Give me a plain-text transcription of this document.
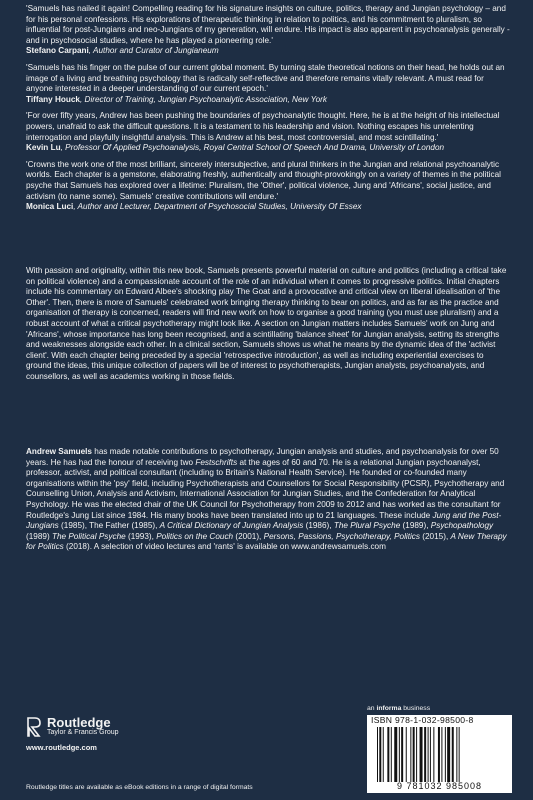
'Samuels has nailed it again! Compelling reading for his signature insights on culture, politics, therapy and Jungian psychology – and for his personal confessions. His explorations of therapeutic thinking in relation to politics, and his commitment to pluralism, so influential for post-Jungians and neo-Jungians of my generation, will endure. His impact is also apparent in psychoanalysis generally - and in psychosocial studies, where he has played a pioneering role.'

Stefano Carpani, Author and Curator of Jungianeum

'Samuels has his finger on the pulse of our current global moment. By turning stale theoretical notions on their head, he holds out an image of a living and breathing psychology that is radically self-reflective and therefore remains vitally relevant. A must read for anyone interested in a deeper understanding of our current epoch.'

Tiffany Houck, Director of Training, Jungian Psychoanalytic Association, New York

'For over fifty years, Andrew has been pushing the boundaries of psychoanalytic thought. Here, he is at the height of his intellectual powers, unafraid to ask the difficult questions. It is a testament to his leadership and vision. Nothing escapes his unrelenting interrogation and playfully insightful analysis. This is Andrew at his best, most controversial, and most scintillating.'

Kevin Lu, Professor Of Applied Psychoanalysis, Royal Central School Of Speech And Drama, University of London

'Crowns the work one of the most brilliant, sincerely intersubjective, and plural thinkers in the Jungian and relational psychoanalytic worlds. Each chapter is a gemstone, elaborating freshly, authentically and thought-provokingly on a variety of themes in the political psyche that Samuels has explored over a lifetime: Pluralism, the 'Other', political violence, Jung and 'Africans', social justice, and activism (to name some). Samuels' creative contributions will endure.'

Monica Luci, Author and Lecturer, Department of Psychosocial Studies, University Of Essex

With passion and originality, within this new book, Samuels presents powerful material on culture and politics (including a critical take on political violence) and a compassionate account of the role of an individual when it comes to progressive politics. Initial chapters include his commentary on Edward Albee's shocking play The Goat and a provocative and critical view on liberal idealisation of 'the Other'. Then, there is more of Samuels' celebrated work bringing therapy thinking to bear on politics, and as far as the practice and organisation of therapy is concerned, readers will find new work on how to organise a good training (you must use pluralism) and a robust account of what a critical psychotherapy might look like. A section on Jungian matters includes Samuels' work on Jung and 'Africans', whose importance has long been recognised, and a scintillating 'balance sheet' for Jungian analysis, setting its strengths and weaknesses alongside each other. In a clinical section, Samuels shows us what he means by the dynamic idea of the 'activist client'. With each chapter being preceded by a special 'retrospective introduction', as well as including experiential exercises to ground the ideas, this unique collection of papers will be of interest to psychotherapists, Jungian analysts, psychoanalysts, and counsellors, as well as academics working in those fields.

Andrew Samuels has made notable contributions to psychotherapy, Jungian analysis and studies, and psychoanalysis for over 50 years. He has had the honour of receiving two Festschrifts at the ages of 60 and 70. He is a relational Jungian psychoanalyst, professor, activist, and political consultant (including to Britain's National Health Service). He founded or co-founded many organisations within the 'psy' field, including Psychotherapists and Counsellors for Social Responsibility (PCSR), Psychotherapy and Counselling Union, Analysis and Activism, International Association for Jungian Studies, and the Confederation for Analytical Psychology. He was the elected chair of the UK Council for Psychotherapy from 2009 to 2012 and has worked as the consultant for Routledge's Jung List since 1984. His many books have been translated into up to 21 languages. These include Jung and the Post-Jungians (1985), The Father (1985), A Critical Dictionary of Jungian Analysis (1986), The Plural Psyche (1989), Psychopathology (1989) The Political Psyche (1993), Politics on the Couch (2001), Persons, Passions, Psychotherapy, Politics (2015), A New Therapy for Politics (2018). A selection of video lectures and 'rants' is available on www.andrewsamuels.com

Routledge
Taylor & Francis Group
www.routledge.com
Routledge titles are available as eBook editions in a range of digital formats
an informa business
ISBN 978-1-032-98500-8
9 781032 985008
